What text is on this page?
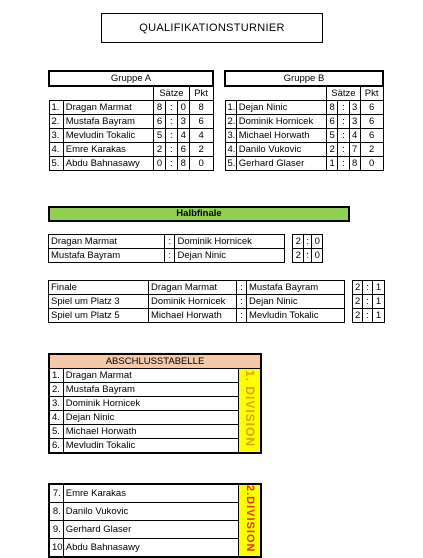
QUALIFIKATIONSTURNIER
Gruppe A					
		Sätze			Pkt
1.	Dragan Marmat	8	:	0	8
2.	Mustafa Bayram	6	:	3	6
3.	Mevludin Tokalic	5	:	4	4
4.	Emre Karakas	2	:	6	2
5.	Abdu Bahnasawy	0	:	8	0
Gruppe B					
		Sätze			Pkt
1.	Dejan Ninic	8	:	3	6
2.	Dominik Hornicek	6	:	3	6
3.	Michael Horwath	5	:	4	6
4.	Danilo Vukovic	2	:	7	2
5.	Gerhard Glaser	1	:	8	0
Halbfinale
Dragan Marmat	:	Dominik Hornicek		2	:	0
Mustafa Bayram	:	Dejan Ninic		2	:	0
Finale	Dragan Marmat	:	Mustafa Bayram		2	:	1
Spiel um Platz 3	Dominik Hornicek	:	Dejan Ninic		2	:	1
Spiel um Platz 5	Michael Horwath	:	Mevludin Tokalic		2	:	1
ABSCHLUSSTABELLE		
1.	Dragan Marmat	1. DIVISION
2.	Mustafa Bayram	
3.	Dominik Hornicek	
4.	Dejan Ninic	
5.	Michael Horwath	
6.	Mevludin Tokalic	
7.	Emre Karakas	2.DIVISION
8.	Danilo Vukovic	
9.	Gerhard Glaser	
10.	Abdu Bahnasawy	
